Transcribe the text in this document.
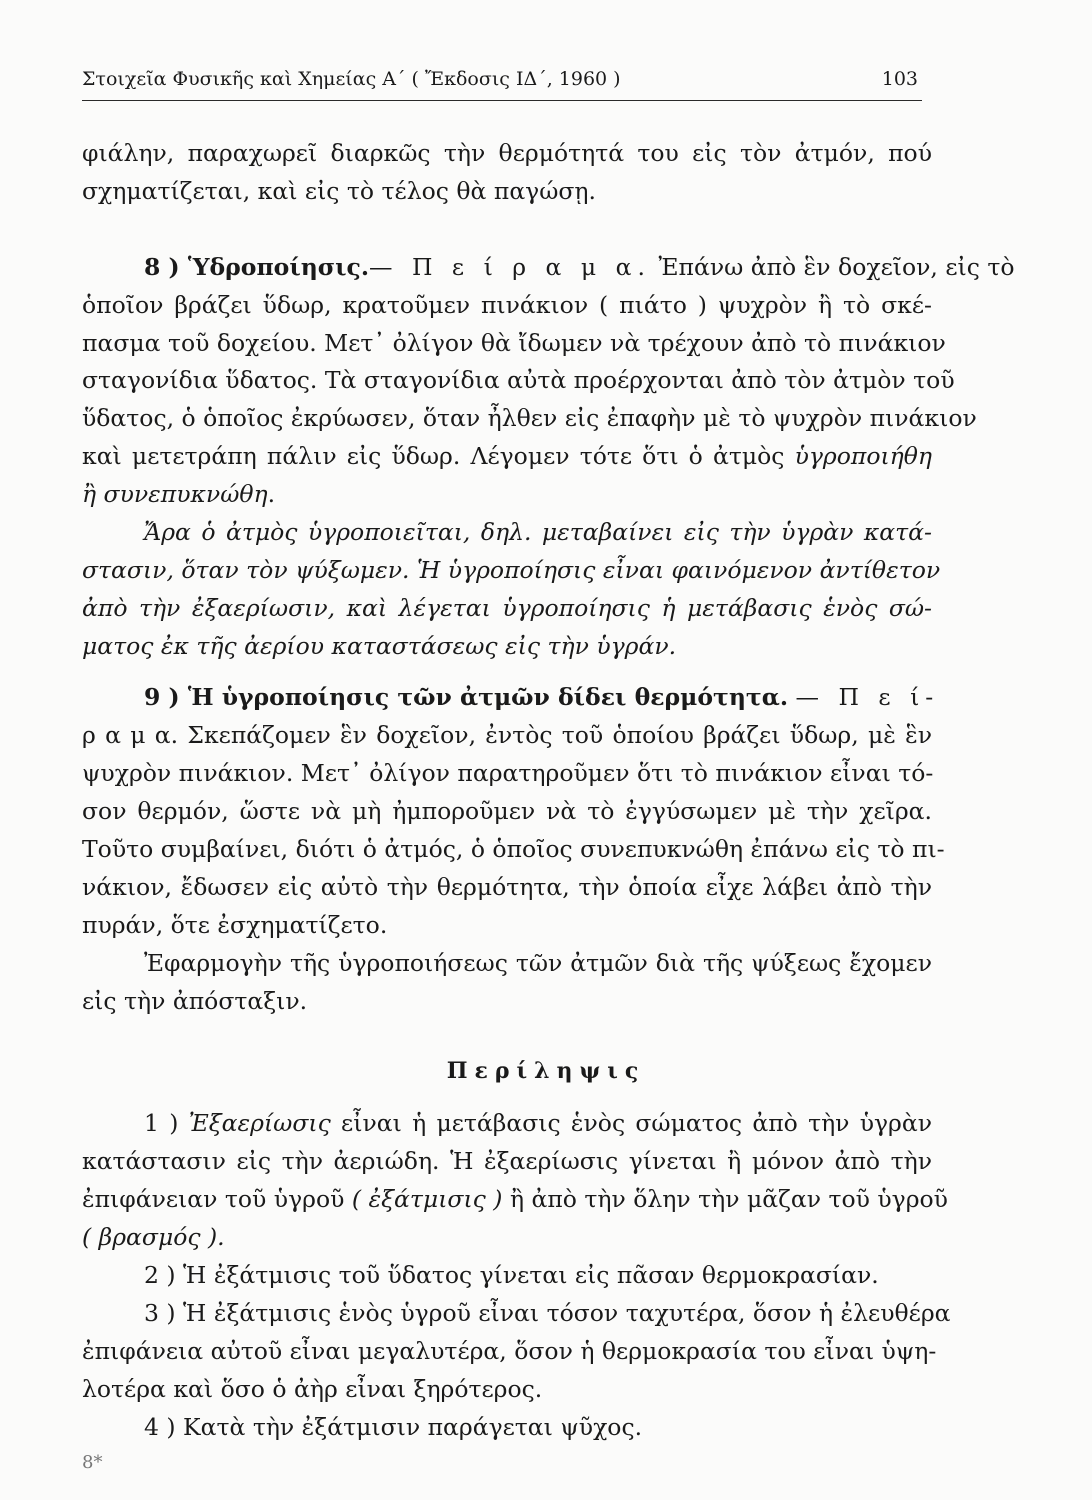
Στοιχεῖα Φυσικῆς καὶ Χημείας Α΄ ( Ἔκδοσις ΙΔ΄, 1960 )	103
φιάλην, παραχωρεῖ διαρκῶς τὴν θερμότητά του εἰς τὸν ἀτμόν, πού
σχηματίζεται, καὶ εἰς τὸ τέλος θὰ παγώσῃ.
8 ) Ὑδροποίησις.— Π ε ί ρ α μ α. Ἐπάνω ἀπὸ ἓν δοχεῖον, εἰς τὸ
ὁποῖον βράζει ὕδωρ, κρατοῦμεν πινάκιον ( πιάτο ) ψυχρὸν ἢ τὸ σκέ-
πασμα τοῦ δοχείου. Μετ᾽ ὀλίγον θὰ ἴδωμεν νὰ τρέχουν ἀπὸ τὸ πινάκιον
σταγονίδια ὕδατος. Τὰ σταγονίδια αὐτὰ προέρχονται ἀπὸ τὸν ἀτμὸν τοῦ
ὕδατος, ὁ ὁποῖος ἐκρύωσεν, ὅταν ἦλθεν εἰς ἐπαφὴν μὲ τὸ ψυχρὸν πινάκιον
καὶ μετετράπη πάλιν εἰς ὕδωρ. Λέγομεν τότε ὅτι ὁ ἀτμὸς ὑγροποιήθη
ἢ συνεπυκνώθη.
Ἄρα ὁ ἀτμὸς ὑγροποιεῖται, δηλ. μεταβαίνει εἰς τὴν ὑγρὰν κατά-
στασιν, ὅταν τὸν ψύξωμεν. Ἡ ὑγροποίησις εἶναι φαινόμενον ἀντίθετον
ἀπὸ τὴν ἐξαερίωσιν, καὶ λέγεται ὑγροποίησις ἡ μετάβασις ἑνὸς σώ-
ματος ἐκ τῆς ἀερίου καταστάσεως εἰς τὴν ὑγράν.
9 ) Ἡ ὑγροποίησις τῶν ἀτμῶν δίδει θερμότητα. — Π ε ί-
ρ α μ α. Σκεπάζομεν ἓν δοχεῖον, ἐντὸς τοῦ ὁποίου βράζει ὕδωρ, μὲ ἓν
ψυχρὸν πινάκιον. Μετ᾽ ὀλίγον παρατηροῦμεν ὅτι τὸ πινάκιον εἶναι τό-
σον θερμόν, ὥστε νὰ μὴ ἠμποροῦμεν νὰ τὸ ἐγγύσωμεν μὲ τὴν χεῖρα.
Τοῦτο συμβαίνει, διότι ὁ ἀτμός, ὁ ὁποῖος συνεπυκνώθη ἐπάνω εἰς τὸ πι-
νάκιον, ἔδωσεν εἰς αὐτὸ τὴν θερμότητα, τὴν ὁποία εἶχε λάβει ἀπὸ τὴν
πυράν, ὅτε ἐσχηματίζετο.
Ἐφαρμογὴν τῆς ὑγροποιήσεως τῶν ἀτμῶν διὰ τῆς ψύξεως ἔχομεν
εἰς τὴν ἀπόσταξιν.
Περίληψις
1 ) Ἐξαερίωσις εἶναι ἡ μετάβασις ἑνὸς σώματος ἀπὸ τὴν ὑγρὰν
κατάστασιν εἰς τὴν ἀεριώδη. Ἡ ἐξαερίωσις γίνεται ἢ μόνον ἀπὸ τὴν
ἐπιφάνειαν τοῦ ὑγροῦ ( ἐξάτμισις ) ἢ ἀπὸ τὴν ὅλην τὴν μᾶζαν τοῦ ὑγροῦ
( βρασμός ).
2 ) Ἡ ἐξάτμισις τοῦ ὕδατος γίνεται εἰς πᾶσαν θερμοκρασίαν.
3 ) Ἡ ἐξάτμισις ἑνὸς ὑγροῦ εἶναι τόσον ταχυτέρα, ὅσον ἡ ἐλευθέρα
ἐπιφάνεια αὐτοῦ εἶναι μεγαλυτέρα, ὅσον ἡ θερμοκρασία του εἶναι ὑψη-
λοτέρα καὶ ὅσο ὁ ἀὴρ εἶναι ξηρότερος.
4 ) Κατὰ τὴν ἐξάτμισιν παράγεται ψῦχος.
8*
